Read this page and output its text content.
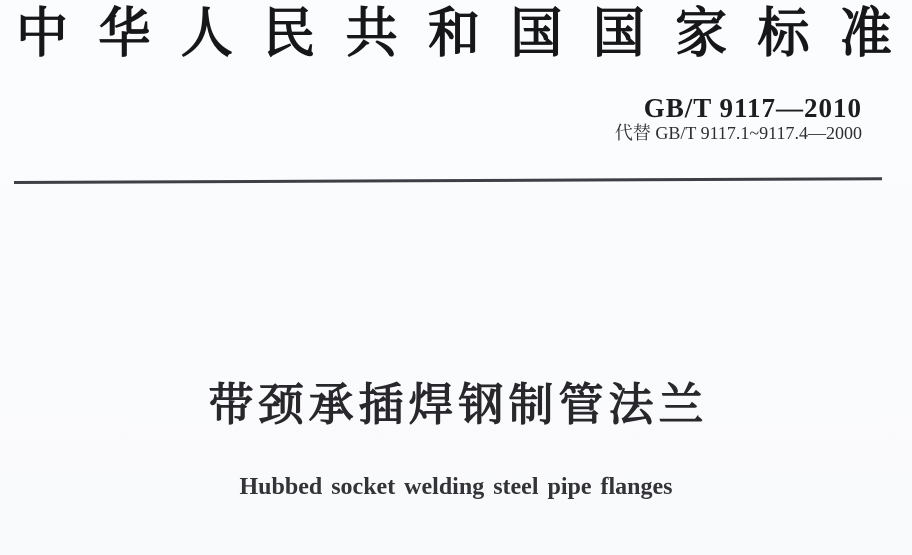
中 华 人 民 共 和 国 国 家 标 准
GB/T 9117—2010
代替 GB/T 9117.1~9117.4—2000
带颈承插焊钢制管法兰
Hubbed socket welding steel pipe flanges
